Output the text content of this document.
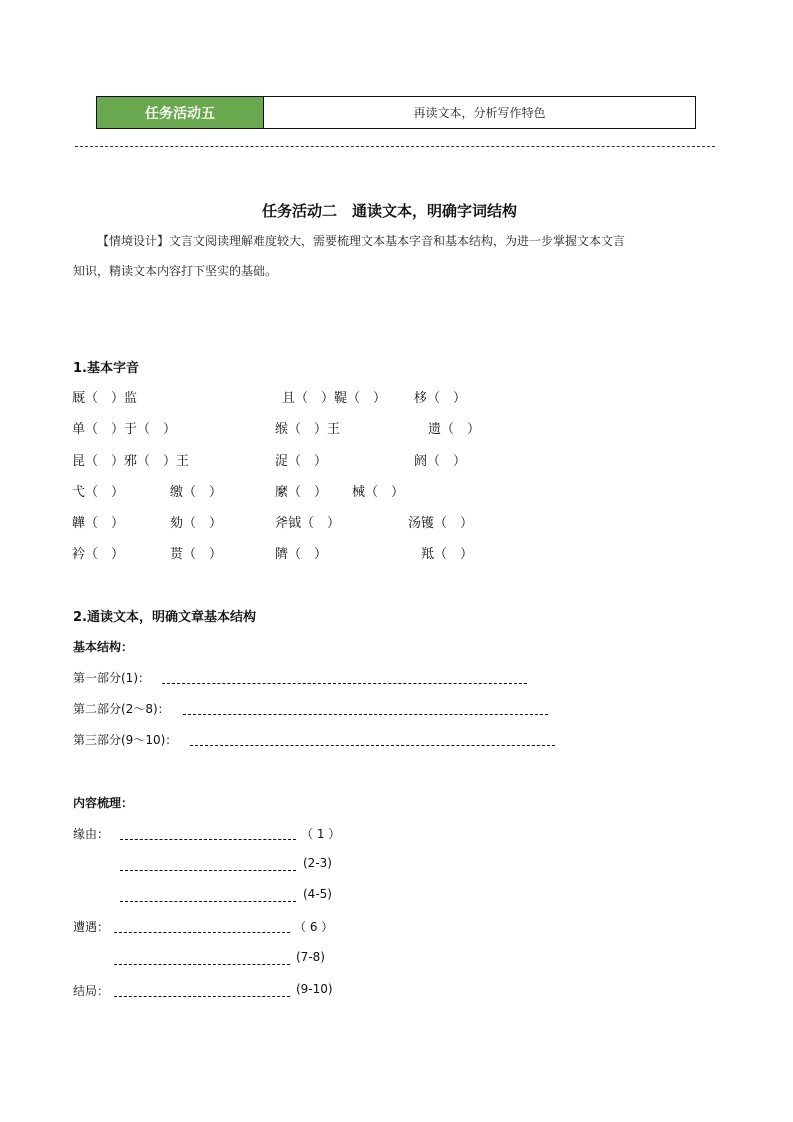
任务活动五	再读文本，分析写作特色
任务活动二　通读文本，明确字词结构
【情境设计】文言文阅读理解难度较大，需要梳理文本基本字音和基本结构，为进一步掌握文本文言
知识，精读文本内容打下坚实的基础。
1.基本字音
厩（　）监	且（　）鞮（　） 栘（　）
单（　）于（　）	缑（　）王	遗（　）
昆（　）邪（　）王	浞（　）	阏（　）
弋（　）	缴（　）	縻（　） 械（　）
韡（　）	劾（　）	斧钺（　）	汤镬（　）
衿（　）	贳（　）	隮（　）	羝（　）
2.通读文本，明确文章基本结构
基本结构：
第一部分(1)：
第二部分(2～8)：
第三部分(9～10)：
内容梳理：
缘由：	（ 1 ）
(2-3)
(4-5)
遭遇：	（ 6 ）
(7-8)
结局：	(9-10)
